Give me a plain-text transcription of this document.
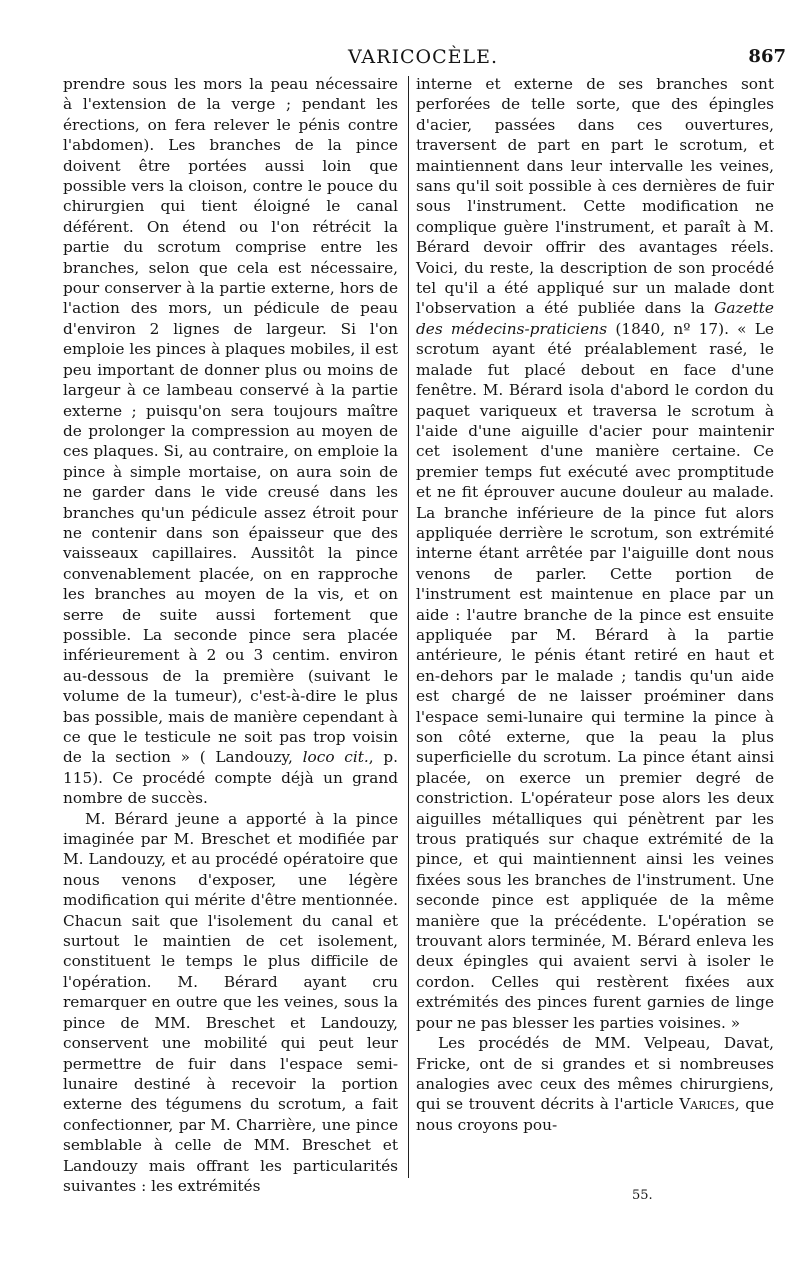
VARICOCÈLE.	867

prendre sous les mors la peau nécessaire à l'extension de la verge ; pendant les érections, on fera relever le pénis contre l'abdomen). Les branches de la pince doivent être portées aussi loin que possible vers la cloison, contre le pouce du chirurgien qui tient éloigné le canal déférent. On étend ou l'on rétrécit la partie du scrotum comprise entre les branches, selon que cela est nécessaire, pour conserver à la partie externe, hors de l'action des mors, un pédicule de peau d'environ 2 lignes de largeur. Si l'on emploie les pinces à plaques mobiles, il est peu important de donner plus ou moins de largeur à ce lambeau conservé à la partie externe ; puisqu'on sera toujours maître de prolonger la compression au moyen de ces plaques. Si, au contraire, on emploie la pince à simple mortaise, on aura soin de ne garder dans le vide creusé dans les branches qu'un pédicule assez étroit pour ne contenir dans son épaisseur que des vaisseaux capillaires. Aussitôt la pince convenablement placée, on en rapproche les branches au moyen de la vis, et on serre de suite aussi fortement que possible. La seconde pince sera placée inférieurement à 2 ou 3 centim. environ au-dessous de la première (suivant le volume de la tumeur), c'est-à-dire le plus bas possible, mais de manière cependant à ce que le testicule ne soit pas trop voisin de la section » ( Landouzy, loco cit., p. 115). Ce procédé compte déjà un grand nombre de succès.

M. Bérard jeune a apporté à la pince imaginée par M. Breschet et modifiée par M. Landouzy, et au procédé opératoire que nous venons d'exposer, une légère modification qui mérite d'être mentionnée. Chacun sait que l'isolement du canal et surtout le maintien de cet isolement, constituent le temps le plus difficile de l'opération. M. Bérard ayant cru remarquer en outre que les veines, sous la pince de MM. Breschet et Landouzy, conservent une mobilité qui peut leur permettre de fuir dans l'espace semi-lunaire destiné à recevoir la portion externe des tégumens du scrotum, a fait confectionner, par M. Charrière, une pince semblable à celle de MM. Breschet et Landouzy mais offrant les particularités suivantes : les extrémités

interne et externe de ses branches sont perforées de telle sorte, que des épingles d'acier, passées dans ces ouvertures, traversent de part en part le scrotum, et maintiennent dans leur intervalle les veines, sans qu'il soit possible à ces dernières de fuir sous l'instrument. Cette modification ne complique guère l'instrument, et paraît à M. Bérard devoir offrir des avantages réels. Voici, du reste, la description de son procédé tel qu'il a été appliqué sur un malade dont l'observation a été publiée dans la Gazette des médecins-praticiens (1840, nº 17). « Le scrotum ayant été préalablement rasé, le malade fut placé debout en face d'une fenêtre. M. Bérard isola d'abord le cordon du paquet variqueux et traversa le scrotum à l'aide d'une aiguille d'acier pour maintenir cet isolement d'une manière certaine. Ce premier temps fut exécuté avec promptitude et ne fit éprouver aucune douleur au malade. La branche inférieure de la pince fut alors appliquée derrière le scrotum, son extrémité interne étant arrêtée par l'aiguille dont nous venons de parler. Cette portion de l'instrument est maintenue en place par un aide : l'autre branche de la pince est ensuite appliquée par M. Bérard à la partie antérieure, le pénis étant retiré en haut et en-dehors par le malade ; tandis qu'un aide est chargé de ne laisser proéminer dans l'espace semi-lunaire qui termine la pince à son côté externe, que la peau la plus superficielle du scrotum. La pince étant ainsi placée, on exerce un premier degré de constriction. L'opérateur pose alors les deux aiguilles métalliques qui pénètrent par les trous pratiqués sur chaque extrémité de la pince, et qui maintiennent ainsi les veines fixées sous les branches de l'instrument. Une seconde pince est appliquée de la même manière que la précédente. L'opération se trouvant alors terminée, M. Bérard enleva les deux épingles qui avaient servi à isoler le cordon. Celles qui restèrent fixées aux extrémités des pinces furent garnies de linge pour ne pas blesser les parties voisines. »

Les procédés de MM. Velpeau, Davat, Fricke, ont de si grandes et si nombreuses analogies avec ceux des mêmes chirurgiens, qui se trouvent décrits à l'article Varices, que nous croyons pou-

55.
